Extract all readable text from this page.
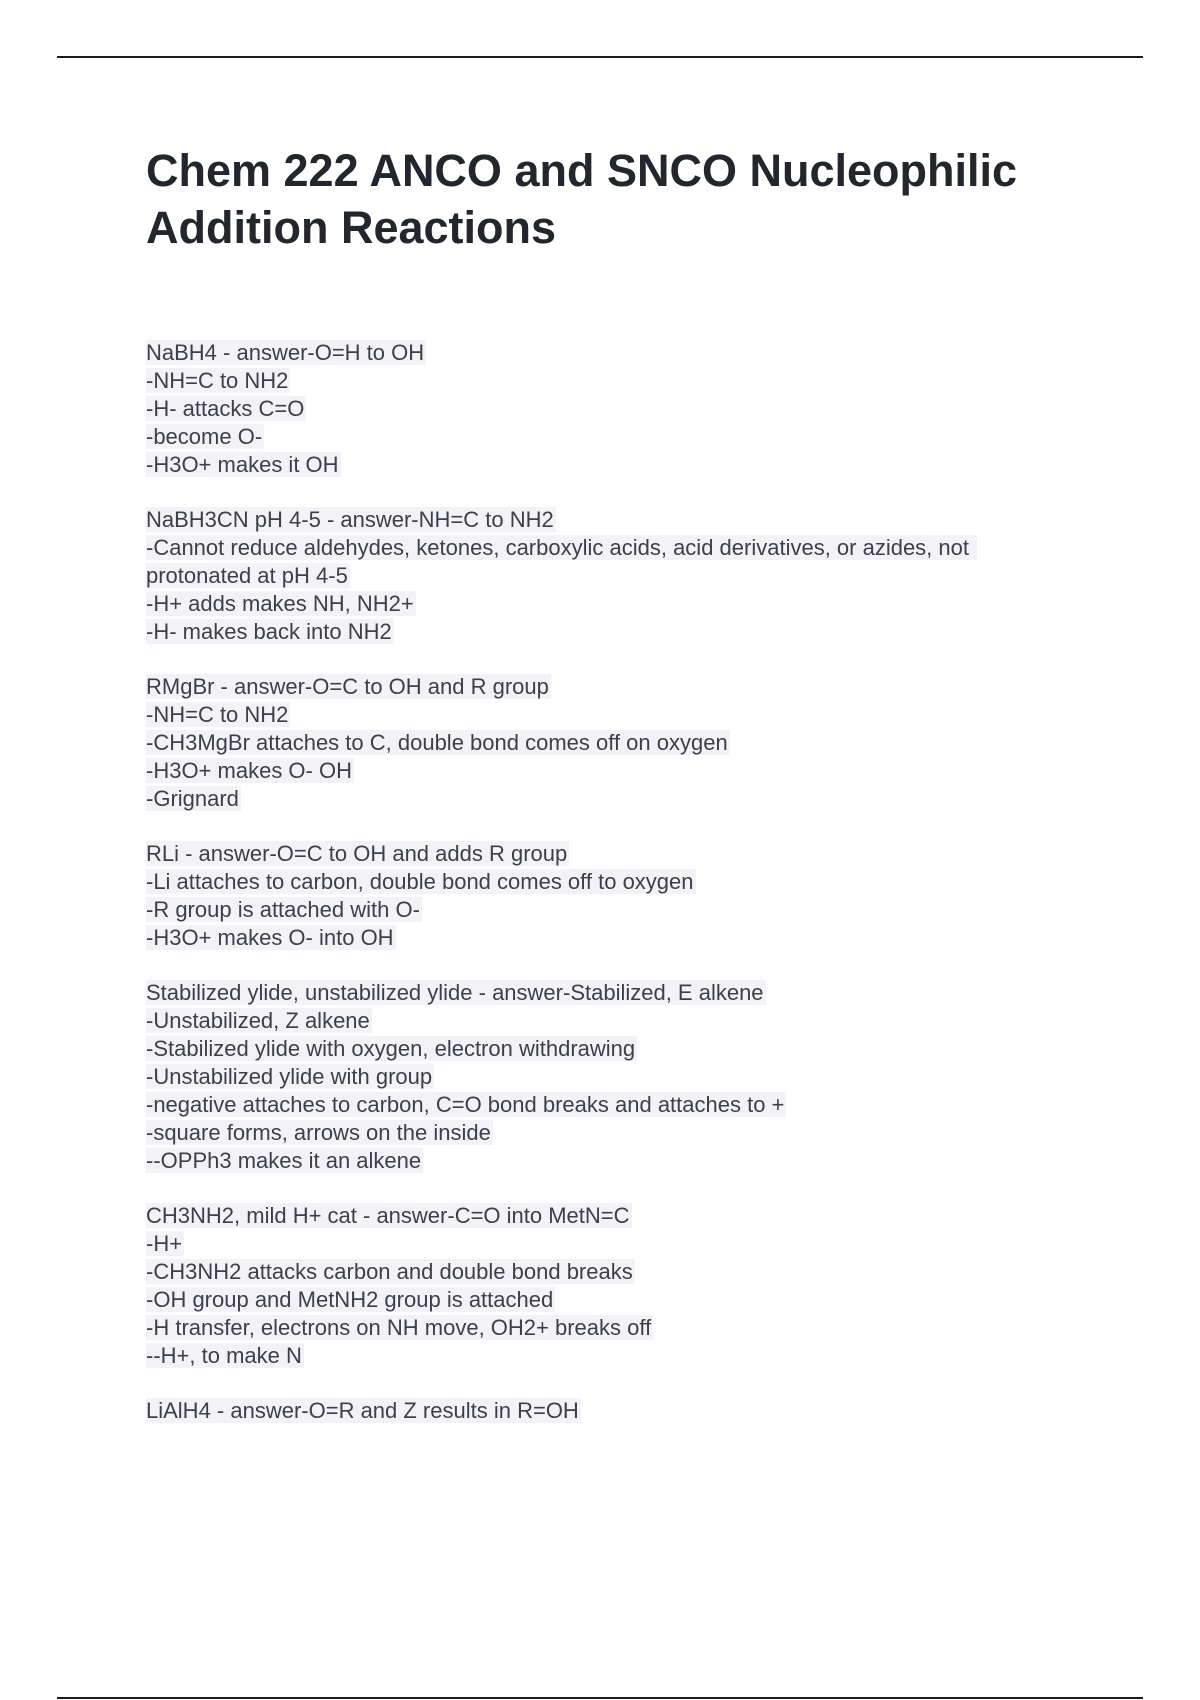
Chem 222 ANCO and SNCO Nucleophilic Addition Reactions
NaBH4 - answer-O=H to OH
-NH=C to NH2
-H- attacks C=O
-become O-
-H3O+ makes it OH
NaBH3CN pH 4-5 - answer-NH=C to NH2
-Cannot reduce aldehydes, ketones, carboxylic acids, acid derivatives, or azides, not protonated at pH 4-5
-H+ adds makes NH, NH2+
-H- makes back into NH2
RMgBr - answer-O=C to OH and R group
-NH=C to NH2
-CH3MgBr attaches to C, double bond comes off on oxygen
-H3O+ makes O- OH
-Grignard
RLi - answer-O=C to OH and adds R group
-Li attaches to carbon, double bond comes off to oxygen
-R group is attached with O-
-H3O+ makes O- into OH
Stabilized ylide, unstabilized ylide - answer-Stabilized, E alkene
-Unstabilized, Z alkene
-Stabilized ylide with oxygen, electron withdrawing
-Unstabilized ylide with group
-negative attaches to carbon, C=O bond breaks and attaches to +
-square forms, arrows on the inside
--OPPh3 makes it an alkene
CH3NH2, mild H+ cat - answer-C=O into MetN=C
-H+
-CH3NH2 attacks carbon and double bond breaks
-OH group and MetNH2 group is attached
-H transfer, electrons on NH move, OH2+ breaks off
--H+, to make N
LiAlH4 - answer-O=R and Z results in R=OH
